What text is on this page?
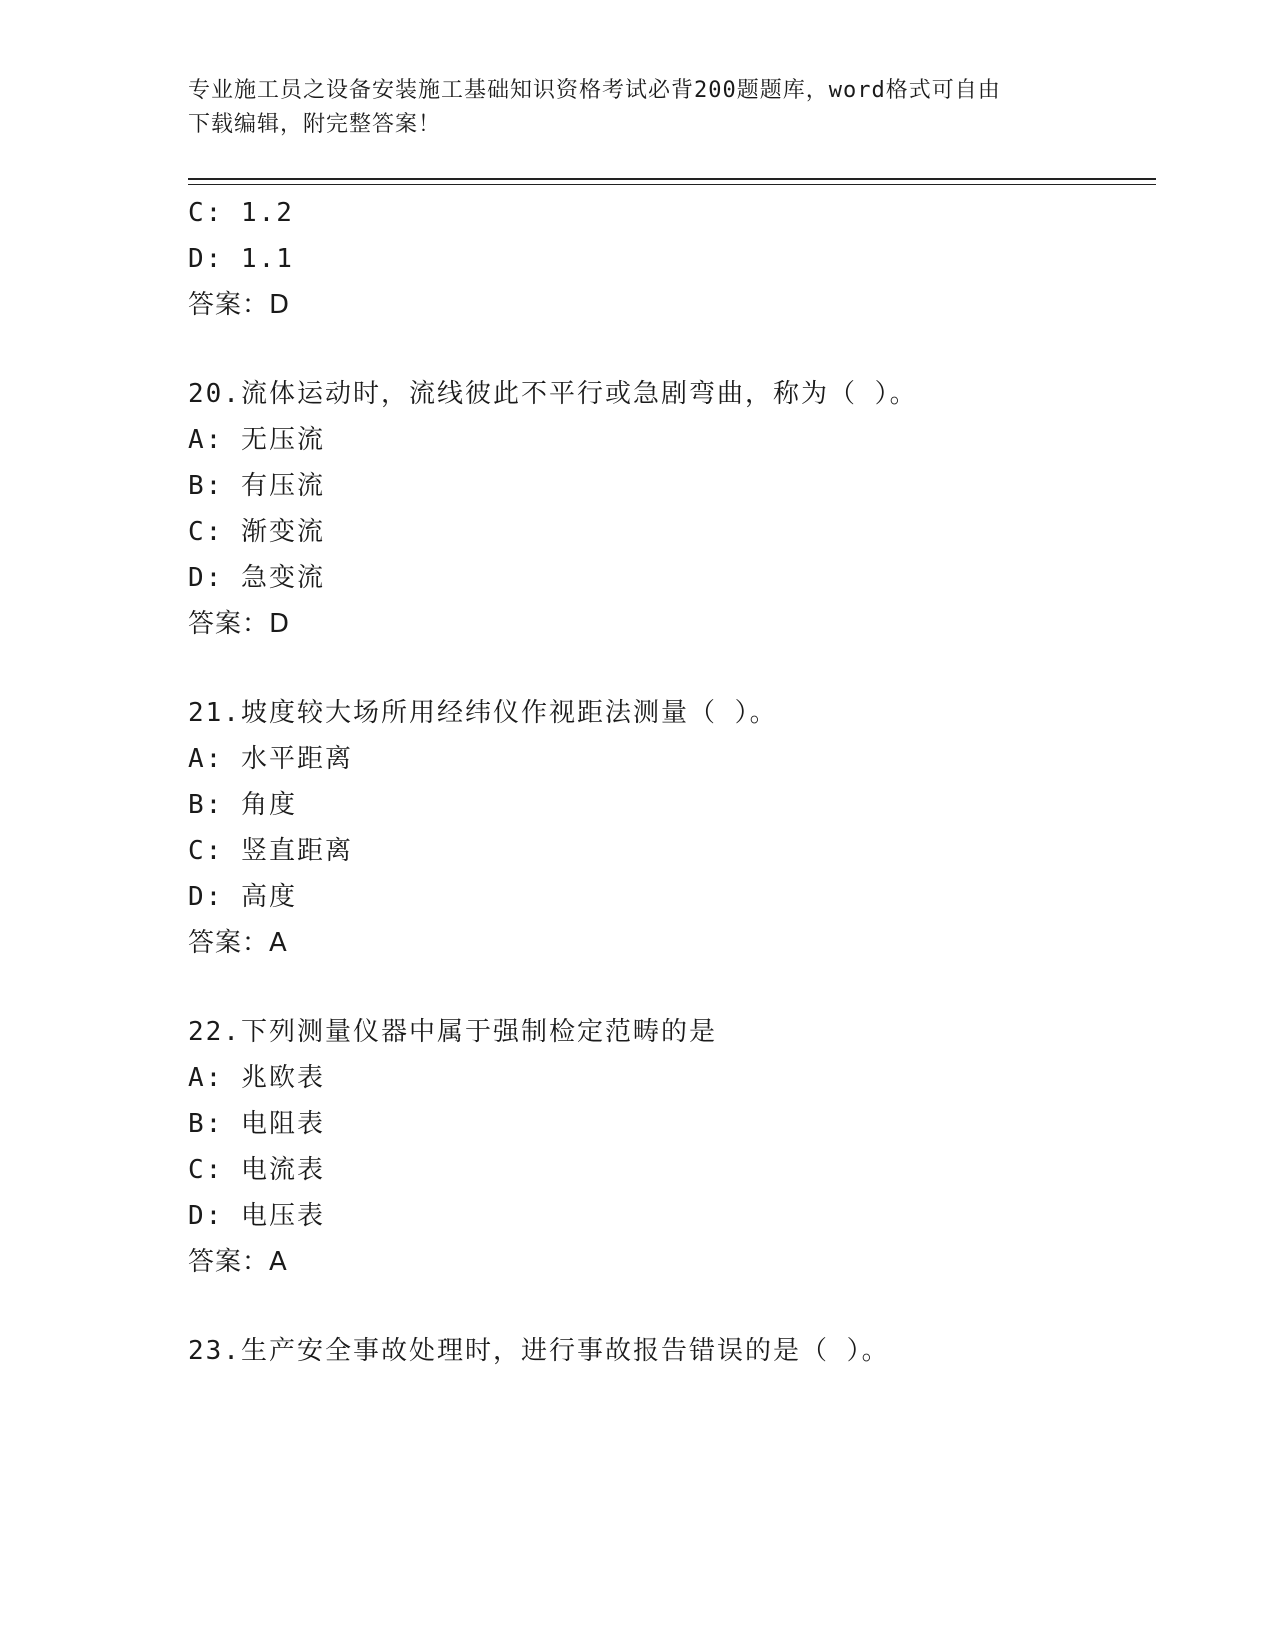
专业施工员之设备安装施工基础知识资格考试必背200题题库，word格式可自由
下载编辑，附完整答案！
C: 1.2
D: 1.1
答案：D
20.流体运动时，流线彼此不平行或急剧弯曲，称为（ ）。
A: 无压流
B: 有压流
C: 渐变流
D: 急变流
答案：D
21.坡度较大场所用经纬仪作视距法测量（ ）。
A: 水平距离
B: 角度
C: 竖直距离
D: 高度
答案：A
22.下列测量仪器中属于强制检定范畴的是
A: 兆欧表
B: 电阻表
C: 电流表
D: 电压表
答案：A
23.生产安全事故处理时，进行事故报告错误的是（ ）。
